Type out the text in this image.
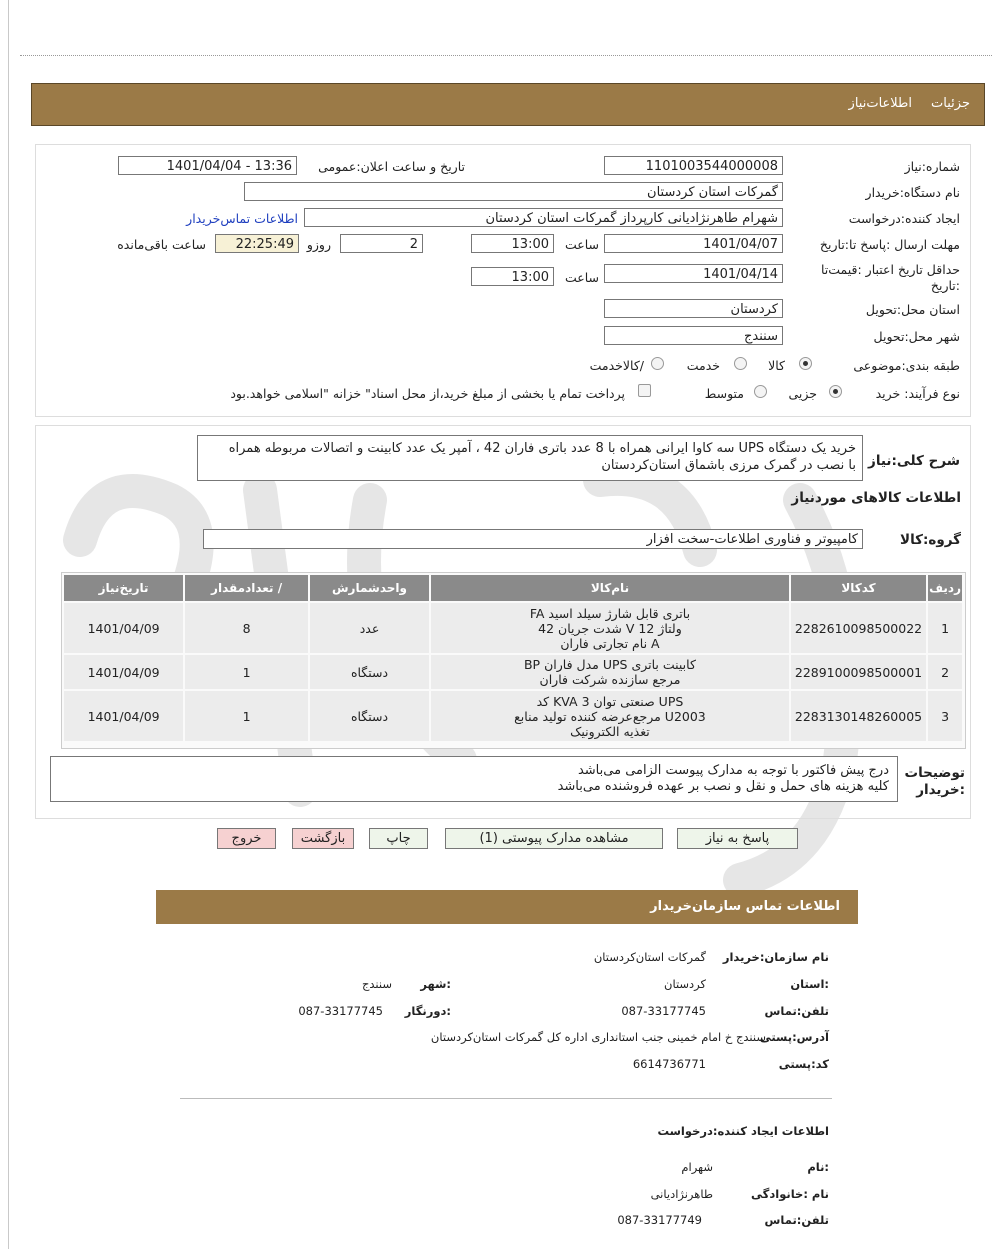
جزئیات
اطلاعات‌نیاز
شماره:نیاز
1101003544000008
تاریخ و ساعت اعلان:عمومی
1401/04/04 - 13:36
نام دستگاه:خریدار
گمرکات استان کردستان
ایجاد کننده:درخواست
شهرام طاهرنژادیانی کارپرداز گمرکات استان کردستان
اطلاعات تماس‌خریدار
مهلت ارسال :پاسخ تا:تاریخ
1401/04/07
ساعت
13:00
2
روزو
22:25:49
ساعت باقی‌مانده
حداقل تاریخ اعتبار :قیمت‌تا
:تاریخ
1401/04/14
ساعت
13:00
استان محل:تحویل
کردستان
شهر محل:تحویل
سنندج
طبقه بندی:موضوعی
کالا
خدمت
/کالاخدمت
نوع فرآیند: خرید
جزیی
متوسط
پرداخت تمام یا بخشی از مبلغ خرید،از محل اسناد" خزانه "اسلامی خواهد.بود
شرح کلی:نیاز
خرید یک دستگاه UPS سه کاوا ایرانی همراه با 8 عدد باتری فاران 42 ، آمپر یک عدد کابینت و اتصالات مربوطه همراه
با نصب در گمرک مرزی باشماق استان‌کردستان
اطلاعات کالاهای موردنیاز
گروه:کالا
کامپیوتر و فناوری اطلاعات-سخت افزار
ردیف	کدکالا	نام‌کالا	واحدشمارش	/ تعدادمقدار	تاریخ‌نیاز
1	2282610098500022	باتری قابل شارژ سیلد اسید FA
ولتاژ 12 V شدت جریان 42
A نام تجارتی فاران	عدد	8	1401/04/09
2	2289100098500001	کابینت باتری UPS مدل فاران BP
مرجع سازنده شرکت فاران	دستگاه	1	1401/04/09
3	2283130148260005	UPS صنعتی توان 3 KVA کد
U2003 مرجع‌عرضه کننده تولید منابع
تغذیه الکترونیک	دستگاه	1	1401/04/09
توضیحات
:خریدار
درج پیش فاکتور با توجه به مدارک پیوست الزامی می‌باشد
کلیه هزینه های حمل و نقل و نصب بر عهده فروشنده می‌باشد
پاسخ به نیاز
مشاهده مدارک پیوستی (1)
چاپ
بازگشت
خروج
اطلاعات تماس سازمان‌خریدار
نام سازمان:خریدار
گمرکات استان‌کردستان
:استان
کردستان
:شهر
سنندج
تلفن:تماس
087-33177745
:دورنگار
087-33177745
آدرس:پستی
سنندج خ امام خمینی جنب استانداری اداره کل گمرکات استان‌کردستان
کد:پستی
6614736771
اطلاعات ایجاد کننده:درخواست
:نام
شهرام
نام :خانوادگی
طاهرنژادیانی
تلفن:تماس
087-33177749
